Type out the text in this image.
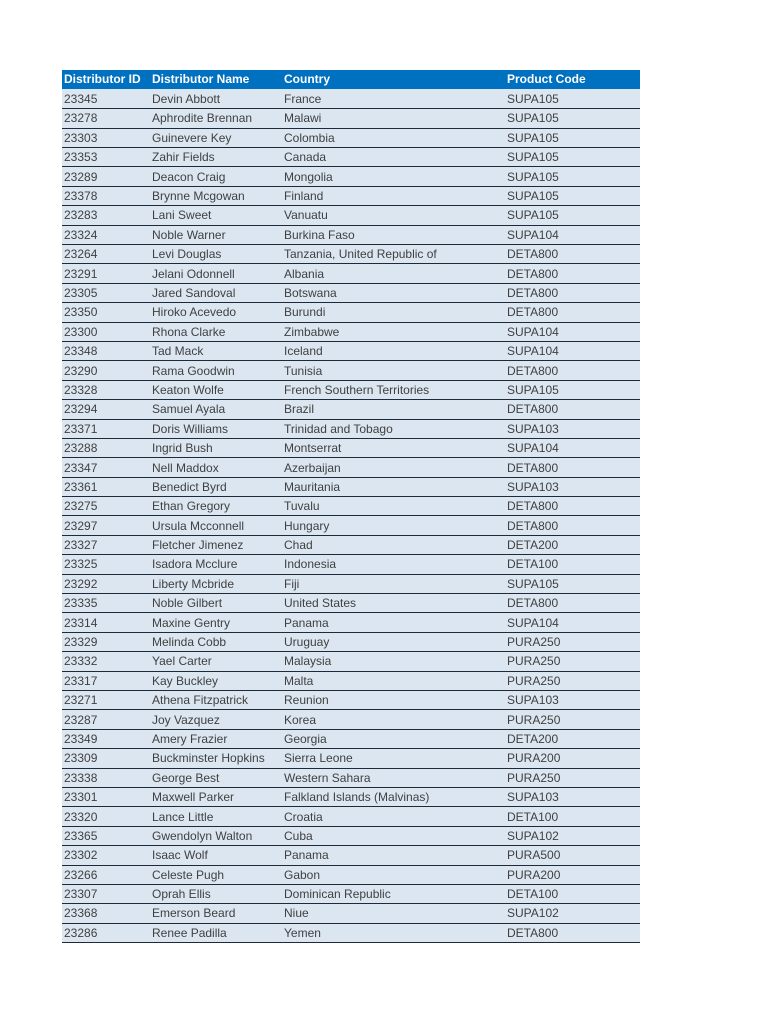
Distributor ID	Distributor Name	Country	Product Code
23345	Devin Abbott	France	SUPA105
23278	Aphrodite Brennan	Malawi	SUPA105
23303	Guinevere Key	Colombia	SUPA105
23353	Zahir Fields	Canada	SUPA105
23289	Deacon Craig	Mongolia	SUPA105
23378	Brynne Mcgowan	Finland	SUPA105
23283	Lani Sweet	Vanuatu	SUPA105
23324	Noble Warner	Burkina Faso	SUPA104
23264	Levi Douglas	Tanzania, United Republic of	DETA800
23291	Jelani Odonnell	Albania	DETA800
23305	Jared Sandoval	Botswana	DETA800
23350	Hiroko Acevedo	Burundi	DETA800
23300	Rhona Clarke	Zimbabwe	SUPA104
23348	Tad Mack	Iceland	SUPA104
23290	Rama Goodwin	Tunisia	DETA800
23328	Keaton Wolfe	French Southern Territories	SUPA105
23294	Samuel Ayala	Brazil	DETA800
23371	Doris Williams	Trinidad and Tobago	SUPA103
23288	Ingrid Bush	Montserrat	SUPA104
23347	Nell Maddox	Azerbaijan	DETA800
23361	Benedict Byrd	Mauritania	SUPA103
23275	Ethan Gregory	Tuvalu	DETA800
23297	Ursula Mcconnell	Hungary	DETA800
23327	Fletcher Jimenez	Chad	DETA200
23325	Isadora Mcclure	Indonesia	DETA100
23292	Liberty Mcbride	Fiji	SUPA105
23335	Noble Gilbert	United States	DETA800
23314	Maxine Gentry	Panama	SUPA104
23329	Melinda Cobb	Uruguay	PURA250
23332	Yael Carter	Malaysia	PURA250
23317	Kay Buckley	Malta	PURA250
23271	Athena Fitzpatrick	Reunion	SUPA103
23287	Joy Vazquez	Korea	PURA250
23349	Amery Frazier	Georgia	DETA200
23309	Buckminster Hopkins	Sierra Leone	PURA200
23338	George Best	Western Sahara	PURA250
23301	Maxwell Parker	Falkland Islands (Malvinas)	SUPA103
23320	Lance Little	Croatia	DETA100
23365	Gwendolyn Walton	Cuba	SUPA102
23302	Isaac Wolf	Panama	PURA500
23266	Celeste Pugh	Gabon	PURA200
23307	Oprah Ellis	Dominican Republic	DETA100
23368	Emerson Beard	Niue	SUPA102
23286	Renee Padilla	Yemen	DETA800
